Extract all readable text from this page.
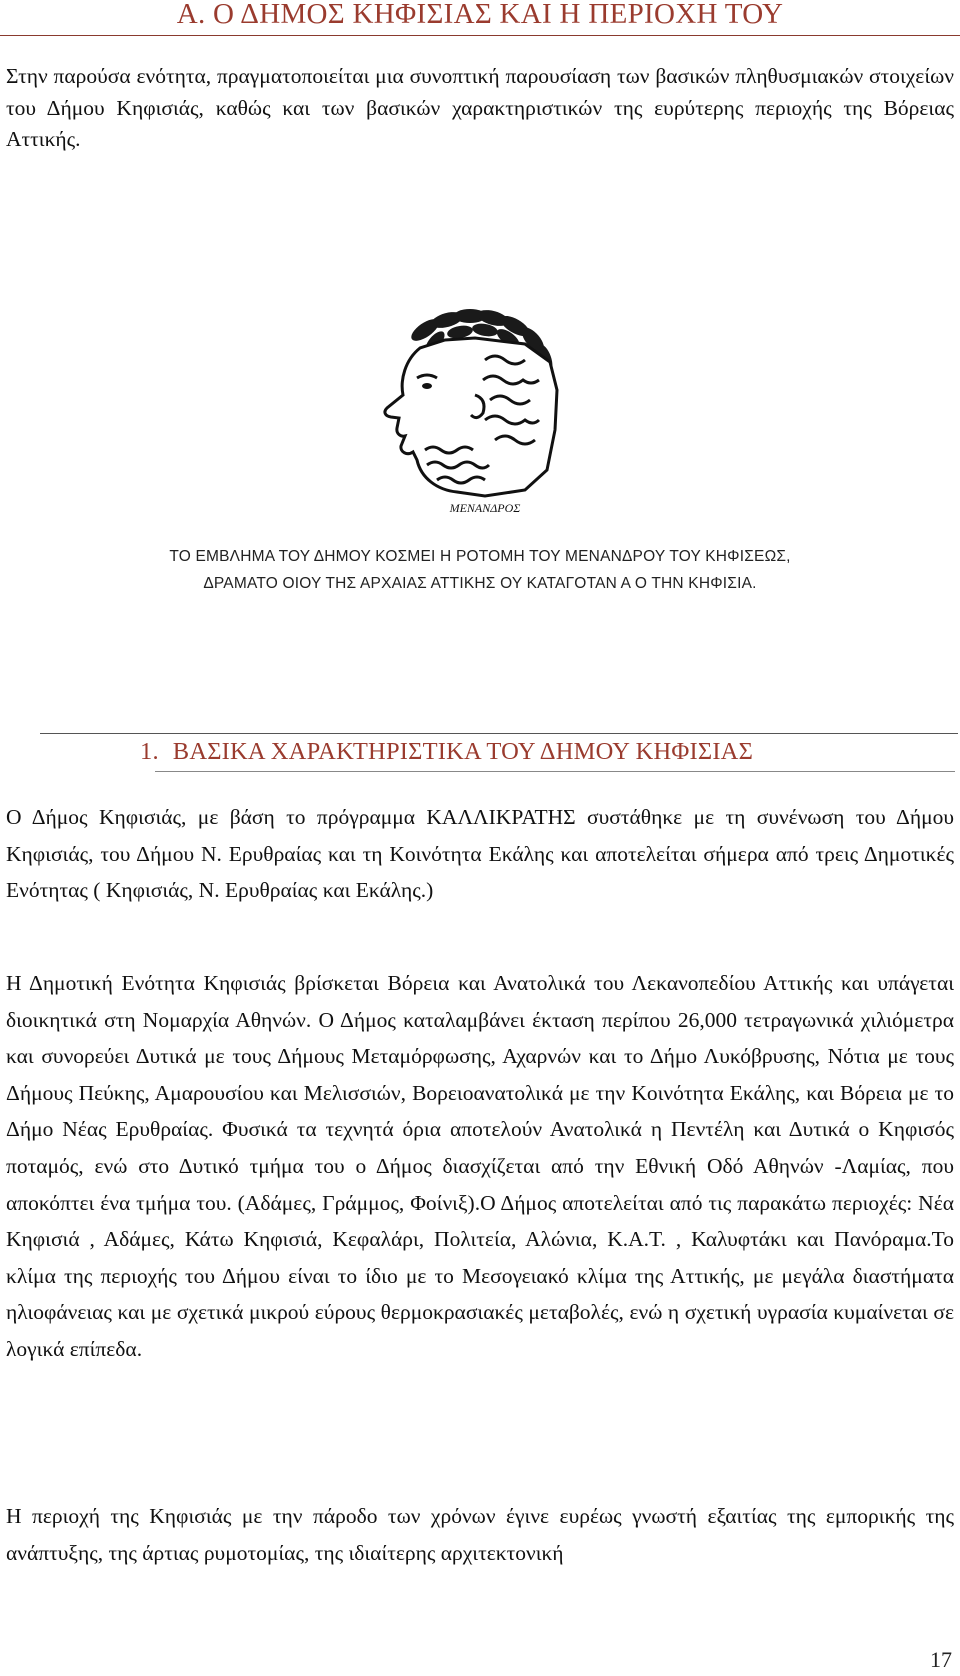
Α. Ο ΔΗΜΟΣ ΚΗΦΙΣΙΑΣ ΚΑΙ Η ΠΕΡΙΟΧΗ ΤΟΥ

Στην παρούσα ενότητα, πραγματοποιείται μια συνοπτική παρουσίαση των βασικών πληθυσμιακών στοιχείων του Δήμου Κηφισιάς, καθώς και των βασικών χαρακτηριστικών της ευρύτερης περιοχής της Βόρειας Αττικής.

ΜΕΝΑΝΔΡΟΣ
ΤΟ ΕΜΒΛΗΜΑ ΤΟΥ ΔΗΜΟΥ ΚΟΣΜΕΙ Η ΡΟΤΟΜΗ ΤΟΥ ΜΕΝΑΝΔΡΟΥ ΤΟΥ ΚΗΦΙΣΕΩΣ,
ΔΡΑΜΑΤΟ ΟΙΟΥ ΤΗΣ ΑΡΧΑΙΑΣ ΑΤΤΙΚΗΣ ΟΥ ΚΑΤΑΓΟΤΑΝ Α Ο ΤΗΝ ΚΗΦΙΣΙΑ.
1. ΒΑΣΙΚΑ ΧΑΡΑΚΤΗΡΙΣΤΙΚΑ ΤΟΥ ΔΗΜΟΥ ΚΗΦΙΣΙΑΣ

Ο Δήμος Κηφισιάς, με βάση το πρόγραμμα ΚΑΛΛΙΚΡΑΤΗΣ συστάθηκε με τη συνένωση του Δήμου Κηφισιάς, του Δήμου Ν. Ερυθραίας και τη Κοινότητα Εκάλης και αποτελείται σήμερα από τρεις Δημοτικές Ενότητας ( Κηφισιάς, Ν. Ερυθραίας και Εκάλης.)

Η Δημοτική Ενότητα Κηφισιάς βρίσκεται Βόρεια και Ανατολικά του Λεκανοπεδίου Αττικής και υπάγεται διοικητικά στη Νομαρχία Αθηνών. Ο Δήμος καταλαμβάνει έκταση περίπου 26,000 τετραγωνικά χιλιόμετρα και συνορεύει Δυτικά με τους Δήμους Μεταμόρφωσης, Αχαρνών και το Δήμο Λυκόβρυσης, Νότια με τους Δήμους Πεύκης, Αμαρουσίου και Μελισσιών, Βορειοανατολικά με την Κοινότητα Εκάλης, και Βόρεια με το Δήμο Νέας Ερυθραίας. Φυσικά τα τεχνητά όρια αποτελούν Ανατολικά η Πεντέλη και Δυτικά ο Κηφισός ποταμός, ενώ στο Δυτικό τμήμα του ο Δήμος διασχίζεται από την Εθνική Οδό Αθηνών -Λαμίας, που αποκόπτει ένα τμήμα του. (Αδάμες, Γράμμος, Φοίνιξ).Ο Δήμος αποτελείται από τις παρακάτω περιοχές: Νέα Κηφισιά , Αδάμες, Κάτω Κηφισιά, Κεφαλάρι, Πολιτεία, Αλώνια, Κ.Α.Τ. , Καλυφτάκι και Πανόραμα.Το κλίμα της περιοχής του Δήμου είναι το ίδιο με το Μεσογειακό κλίμα της Αττικής, με μεγάλα διαστήματα ηλιοφάνειας και με σχετικά μικρού εύρους θερμοκρασιακές μεταβολές, ενώ η σχετική υγρασία κυμαίνεται σε λογικά επίπεδα.

Η περιοχή της Κηφισιάς με την πάροδο των χρόνων έγινε ευρέως γνωστή εξαιτίας της εμπορικής της ανάπτυξης, της άρτιας ρυμοτομίας, της ιδιαίτερης αρχιτεκτονική

17
